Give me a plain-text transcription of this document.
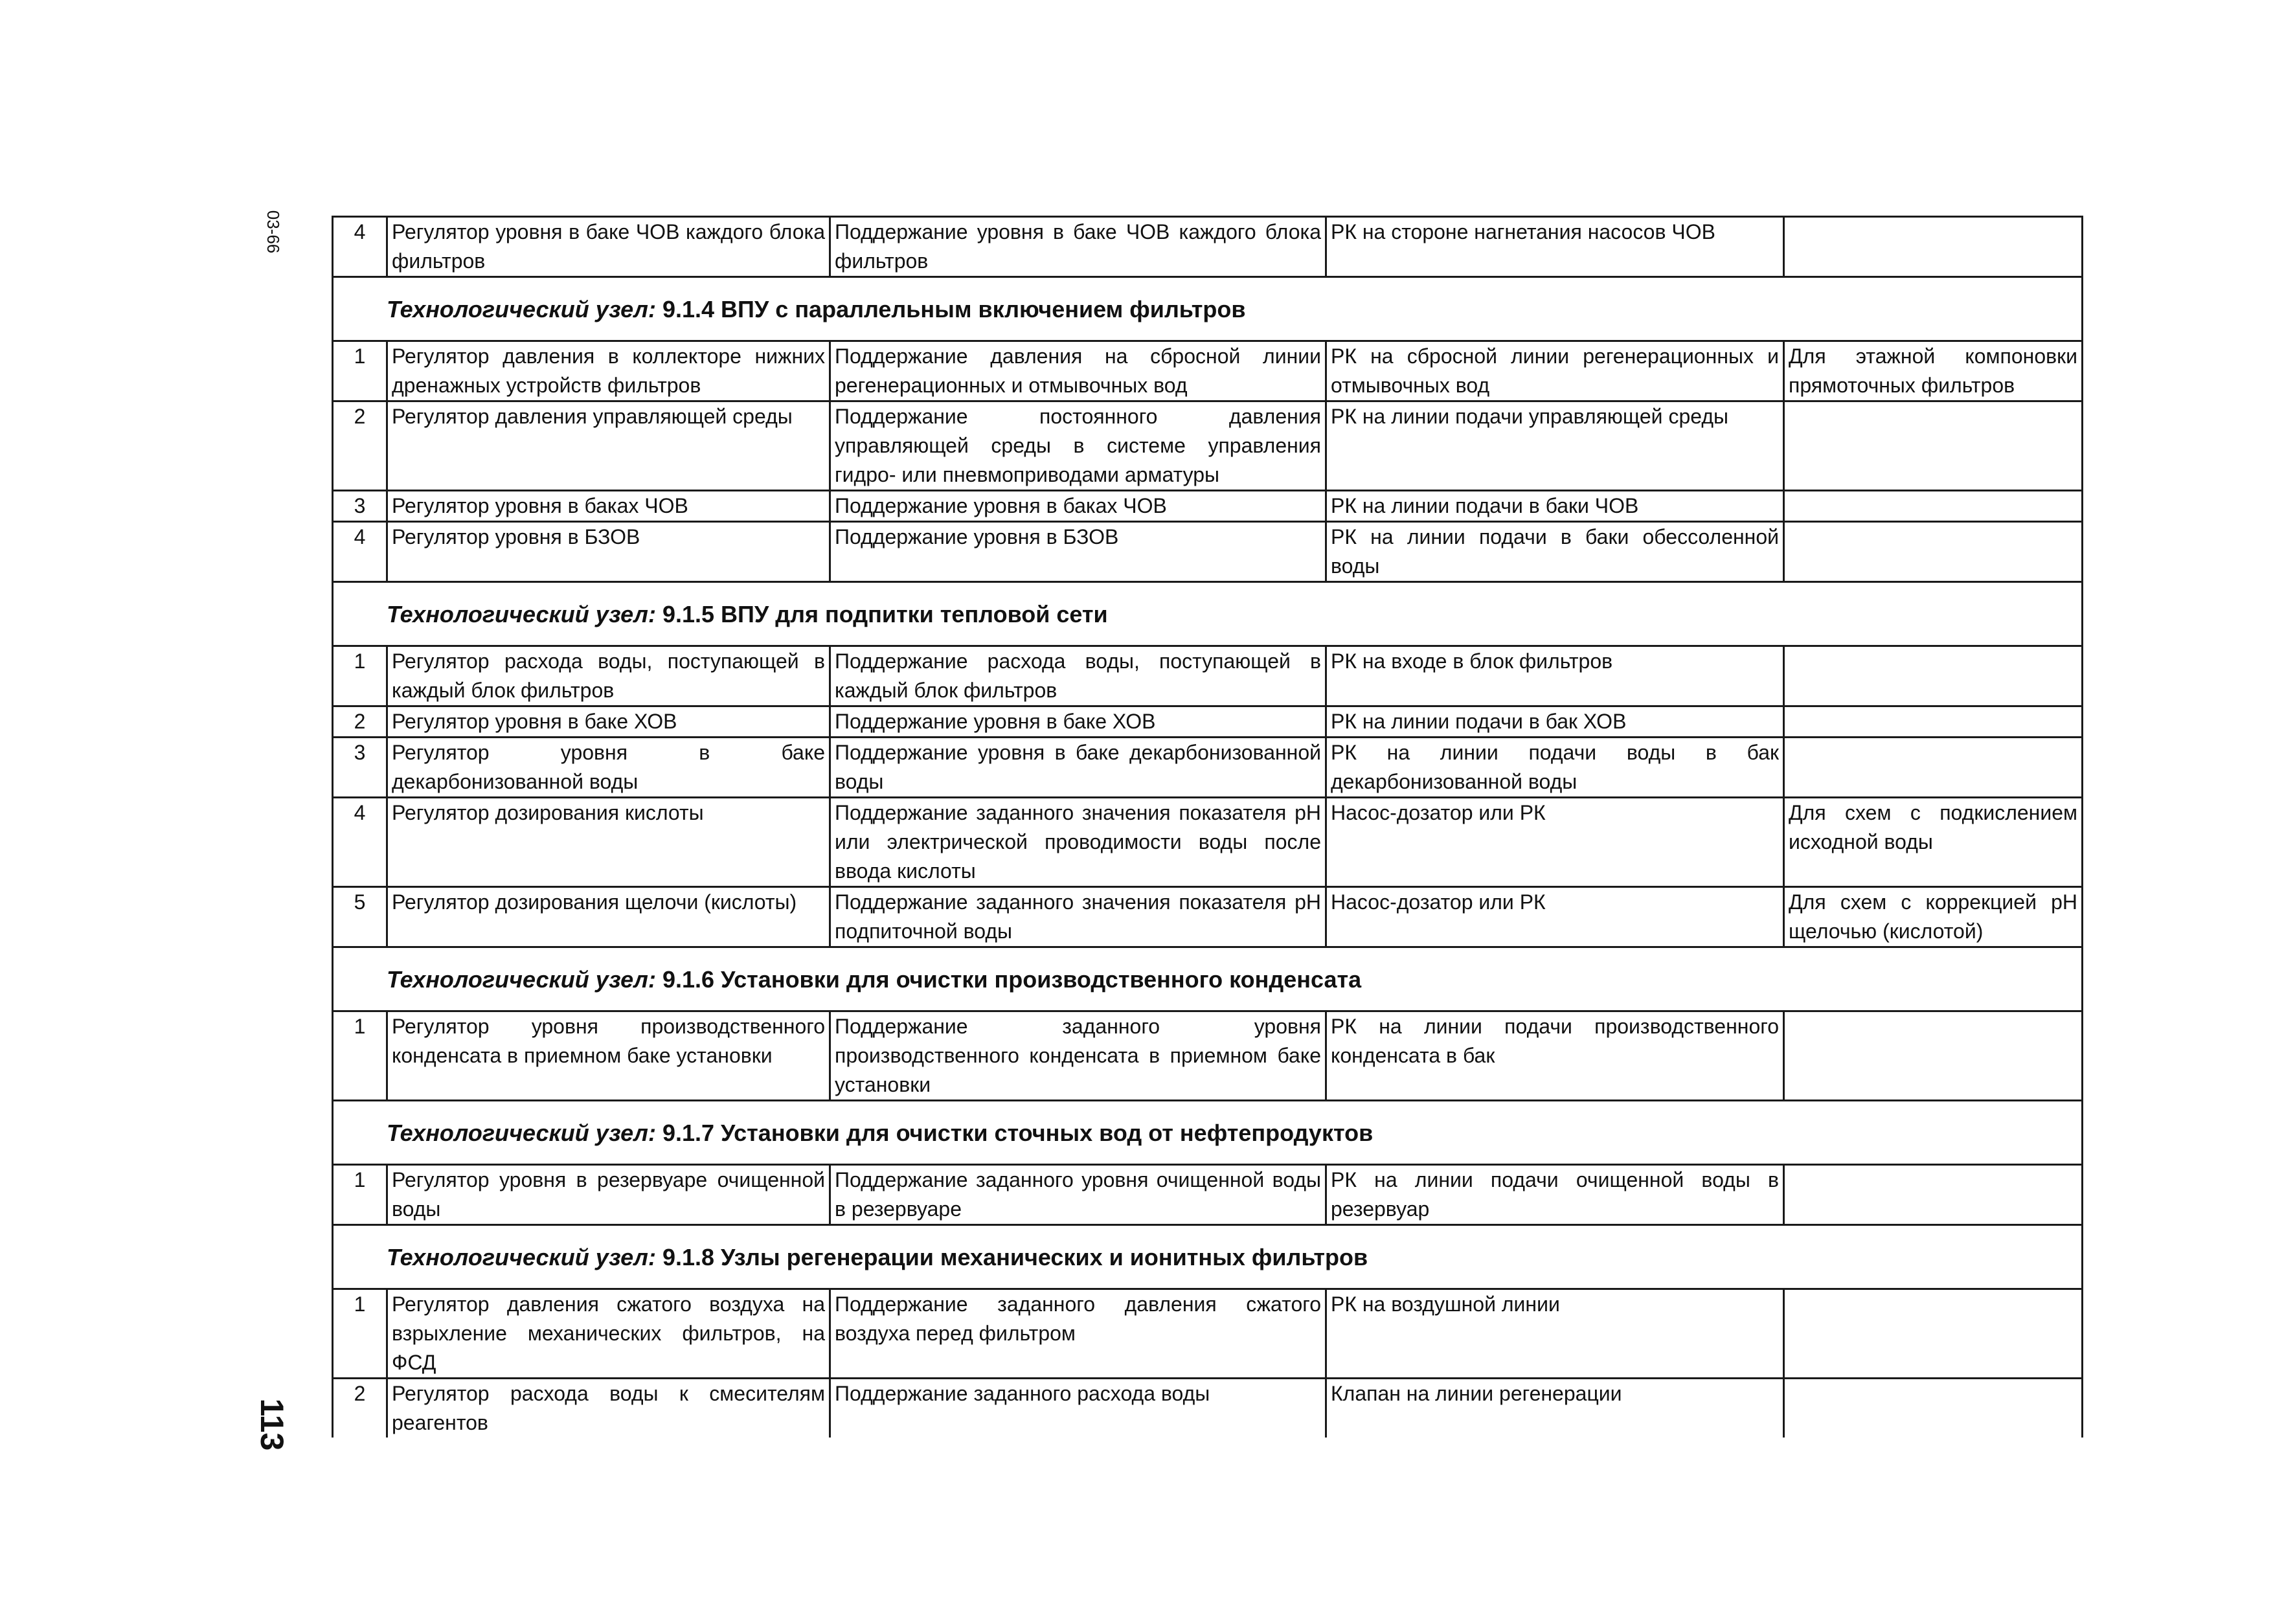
03-66
113
4	Регулятор уровня в баке ЧОВ каждого блока фильтров	Поддержание уровня в баке ЧОВ каждого блока фильтров	РК на стороне нагнетания насосов ЧОВ	
Технологический узел: 9.1.4 ВПУ с параллельным включением фильтров				
1	Регулятор давления в коллекторе нижних дренажных устройств фильтров	Поддержание давления на сбросной линии регенерационных и отмывочных вод	РК на сбросной линии регенерационных и отмывочных вод	Для этажной компоновки прямоточных фильтров
2	Регулятор давления управляющей среды	Поддержание постоянного давления управляющей среды в системе управления гидро- или пневмоприводами арматуры	РК на линии подачи управляющей среды	
3	Регулятор уровня в баках ЧОВ	Поддержание уровня в баках ЧОВ	РК на линии подачи в баки ЧОВ	
4	Регулятор уровня в БЗОВ	Поддержание уровня в БЗОВ	РК на линии подачи в баки обессоленной воды	
Технологический узел: 9.1.5 ВПУ для подпитки тепловой сети				
1	Регулятор расхода воды, поступающей в каждый блок фильтров	Поддержание расхода воды, поступающей в каждый блок фильтров	РК на входе в блок фильтров	
2	Регулятор уровня в баке ХОВ	Поддержание уровня в баке ХОВ	РК на линии подачи в бак ХОВ	
3	Регулятор уровня в баке декарбонизованной воды	Поддержание уровня в баке декарбонизованной воды	РК на линии подачи воды в бак декарбонизованной воды	
4	Регулятор дозирования кислоты	Поддержание заданного значения показателя рН или электрической проводимости воды после ввода кислоты	Насос-дозатор или РК	Для схем с подкислением исходной воды
5	Регулятор дозирования щелочи (кислоты)	Поддержание заданного значения показателя рН подпиточной воды	Насос-дозатор или РК	Для схем с коррекцией рН щелочью (кислотой)
Технологический узел: 9.1.6 Установки для очистки производственного конденсата				
1	Регулятор уровня производственного конденсата в приемном баке установки	Поддержание заданного уровня производственного конденсата в приемном баке установки	РК на линии подачи производственного конденсата в бак	
Технологический узел: 9.1.7 Установки для очистки сточных вод от нефтепродуктов				
1	Регулятор уровня в резервуаре очищенной воды	Поддержание заданного уровня очищенной воды в резервуаре	РК на линии подачи очищенной воды в резервуар	
Технологический узел: 9.1.8 Узлы регенерации механических и ионитных фильтров				
1	Регулятор давления сжатого воздуха на взрыхление механических фильтров, на ФСД	Поддержание заданного давления сжатого воздуха перед фильтром	РК на воздушной линии	
2	Регулятор расхода воды к смесителям реагентов	Поддержание заданного расхода воды	Клапан на линии регенерации	
